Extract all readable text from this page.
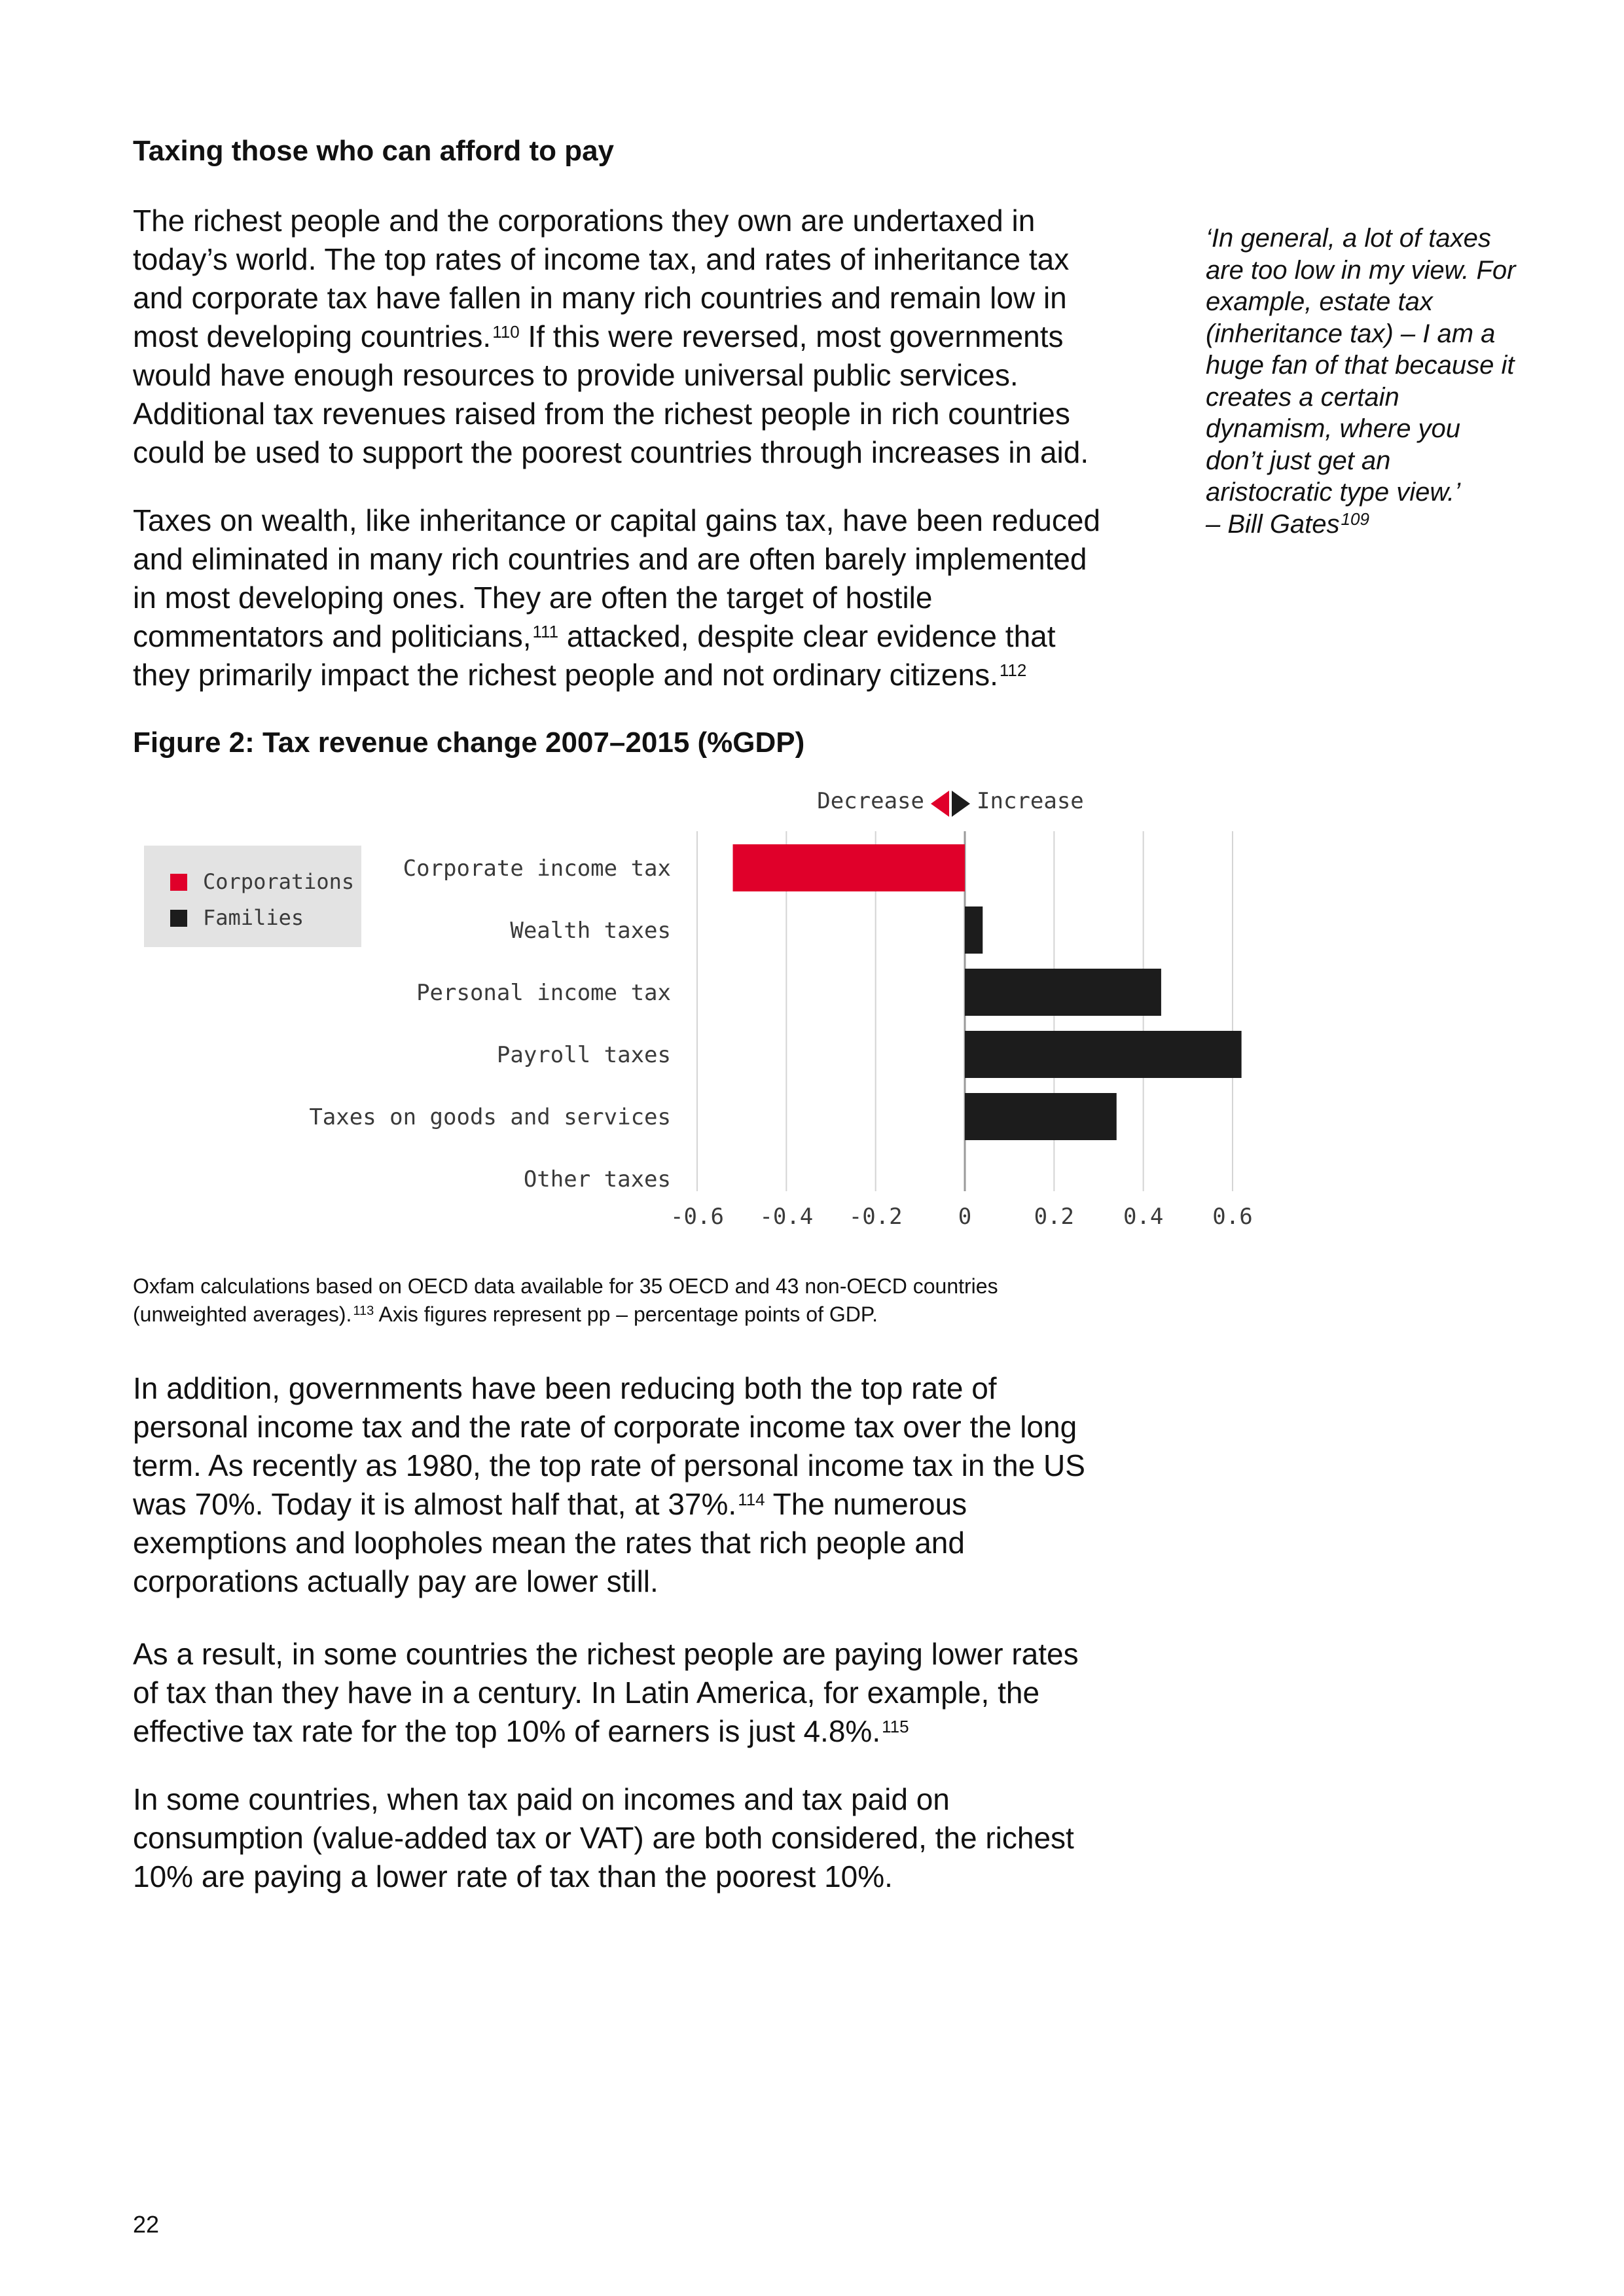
Taxing those who can afford to pay
The richest people and the corporations they own are undertaxed in
today’s world. The top rates of income tax, and rates of inheritance tax
and corporate tax have fallen in many rich countries and remain low in
most developing countries.$^{110}$ If this were reversed, most governments
would have enough resources to provide universal public services.
Additional tax revenues raised from the richest people in rich countries
could be used to support the poorest countries through increases in aid.
Taxes on wealth, like inheritance or capital gains tax, have been reduced
and eliminated in many rich countries and are often barely implemented
in most developing ones. They are often the target of hostile
commentators and politicians,$^{111}$ attacked, despite clear evidence that
they primarily impact the richest people and not ordinary citizens.$^{112}$
‘In general, a lot of taxes
are too low in my view. For
example, estate tax
(inheritance tax) – I am a
huge fan of that because it
creates a certain
dynamism, where you
don’t just get an
aristocratic type view.’
– Bill Gates$^{109}$
Figure 2: Tax revenue change 2007–2015 (%GDP)
Corporations
Families
Decrease Increase
Corporate income tax
Wealth taxes
Personal income tax
Payroll taxes
Taxes on goods and services
Other taxes
-0.6 -0.4 -0.2	0	0.2 0.4 0.6
Oxfam calculations based on OECD data available for 35 OECD and 43 non-OECD countries
(unweighted averages). $^{113}$ Axis figures represent pp – percentage points of GDP.
In addition, governments have been reducing both the top rate of
personal income tax and the rate of corporate income tax over the long
term. As recently as 1980, the top rate of personal income tax in the US
was 70%. Today it is almost half that, at 37%.$^{114}$ The numerous
exemptions and loopholes mean the rates that rich people and
corporations actually pay are lower still.
As a result, in some countries the richest people are paying lower rates
of tax than they have in a century. In Latin America, for example, the
effective tax rate for the top 10% of earners is just 4.8%.$^{115}$
In some countries, when tax paid on incomes and tax paid on
consumption (value-added tax or VAT) are both considered, the richest
10% are paying a lower rate of tax than the poorest 10%.
22
